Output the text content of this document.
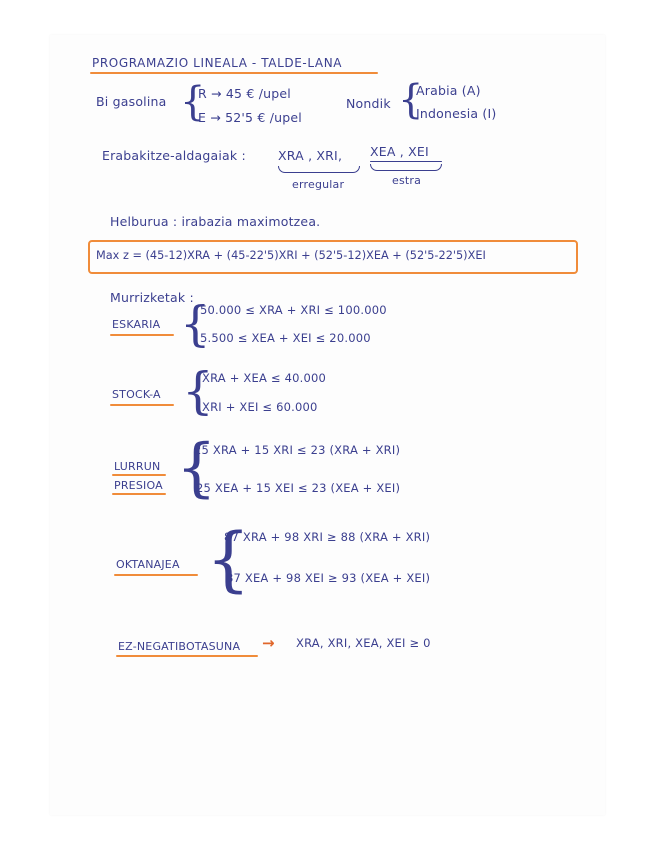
PROGRAMAZIO LINEALA - TALDE-LANA
Bi gasolina {
R → 45 € /upel
E → 52'5 € /upel
Nondik {
Arabia (A)
Indonesia (I)
Erabakitze-aldagaiak :	XRA , XRI, XEA , XEI
erregular	estra
Helburua : irabazia maximotzea.
Max z = (45-12)XRA + (45-22'5)XRI + (52'5-12)XEA + (52'5-22'5)XEI
Murrizketak :
ESKARIA {
50.000 ≤ XRA + XRI ≤ 100.000
5.500 ≤ XEA + XEI ≤ 20.000
STOCK-A {
XRA + XEA ≤ 40.000
XRI + XEI ≤ 60.000
LURRUN
PRESIOA {
25 XRA + 15 XRI ≤ 23 (XRA + XRI)
25 XEA + 15 XEI ≤ 23 (XEA + XEI)
OKTANAJEA {
87 XRA + 98 XRI ≥ 88 (XRA + XRI)
87 XEA + 98 XEI ≥ 93 (XEA + XEI)
EZ-NEGATIBOTASUNA → XRA, XRI, XEA, XEI ≥ 0
